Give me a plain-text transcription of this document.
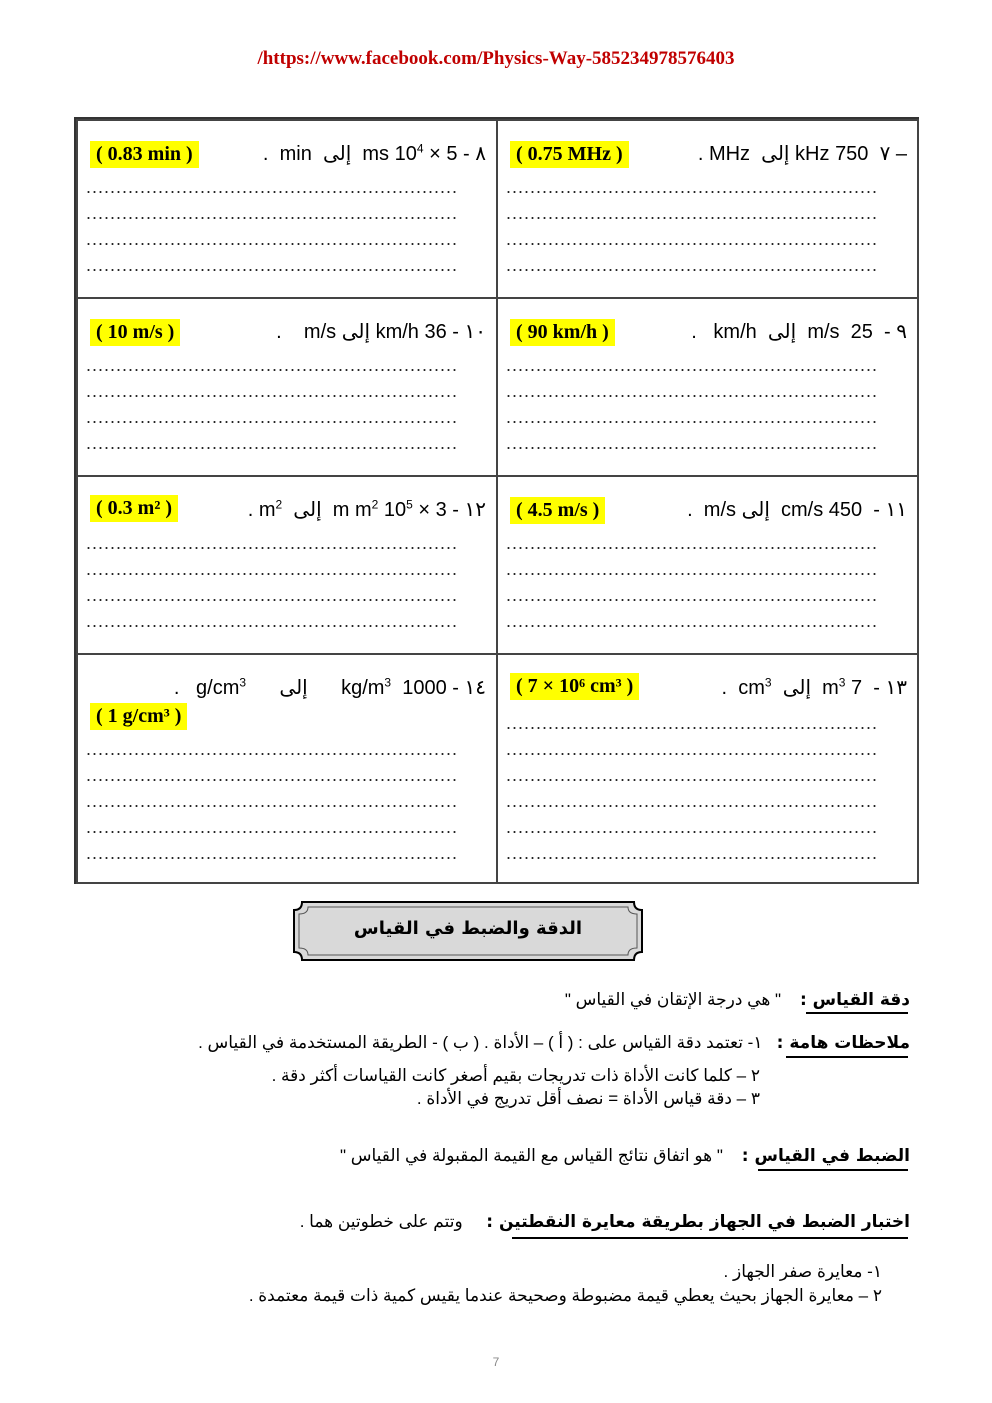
/https://www.facebook.com/Physics-Way-585234978576403
– ٧  750 kHz إلى  MHz .
( 0.75 MHz )
..............................................................
..............................................................
..............................................................
..............................................................
٨ - $5 \times 10^4$ ms  إلى  min  .
( 0.83 min )
..............................................................
..............................................................
..............................................................
..............................................................
٩ -  25  m/s  إلى  km/h   .
( 90 km/h )
..............................................................
..............................................................
..............................................................
..............................................................
١٠ - 36 km/h إلى m/s    .
( 10 m/s )
..............................................................
..............................................................
..............................................................
..............................................................
١١ -  450 cm/s  إلى m/s  .
( 4.5 m/s )
..............................................................
..............................................................
..............................................................
..............................................................
١٢ - $3 \times 10^5$ m $m^2$  إلى  $m^2$ .
( 0.3 m² )
..............................................................
..............................................................
..............................................................
..............................................................
١٣ -  7 $m^3$  إلى  $cm^3$  .
( 7 × 10⁶ cm³ )
..............................................................
..............................................................
..............................................................
..............................................................
..............................................................
..............................................................
١٤ - 1000  $kg/m^3$      إلى      $g/cm^3$   .
( 1 g/cm³ )
..............................................................
..............................................................
..............................................................
..............................................................
..............................................................
الدقة والضبط في القياس
دقة القياس :    " هي درجة الإتقان في القياس "
ملاحظات هامة :   ١- تعتمد دقة القياس على : ( أ ) – الأداة . ( ب ) - الطريقة المستخدمة في القياس .
٢ – كلما كانت الأداة ذات تدريجات بقيم أصغر كانت القياسات أكثر دقة .
٣ – دقة قياس الأداة = نصف أقل تدريج في الأداة .
الضبط في القياس :    " هو اتفاق نتائج القياس مع القيمة المقبولة في القياس "
اختبار الضبط في الجهاز بطريقة معايرة النقطتين :     وتتم على خطوتين هما .
١- معايرة صفر الجهاز .
٢ – معايرة الجهاز بحيث يعطي قيمة مضبوطة وصحيحة عندما يقيس كمية ذات قيمة معتمدة .
7
